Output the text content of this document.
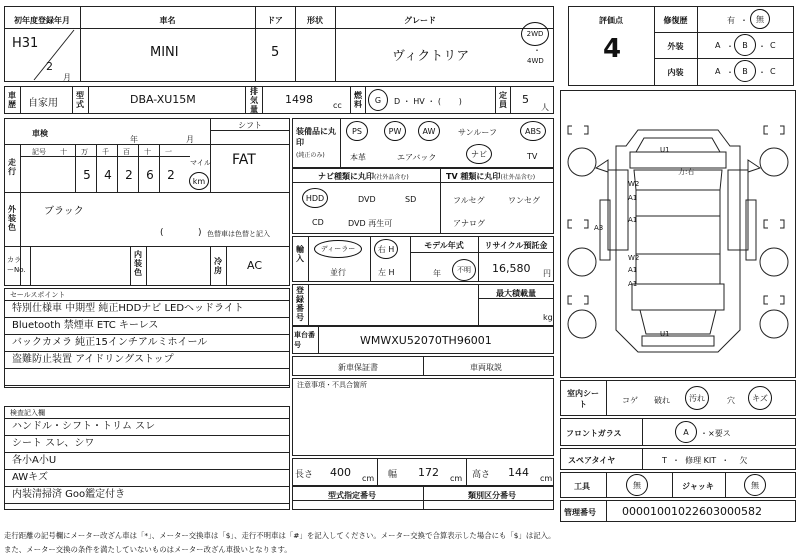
初年度登録年月
H31
2
月
車名
MINI
ドア
5
形状	グレード
ヴィクトリア
2WD
・
4WD
評価点
4
修復歴	有 ・	無
外装	A ・	B	・ C
内装	A ・	B	・ C
車歴 自家用
型式	DBA-XU15M
排気量
1498	cc
燃料	G	D ・ HV ・ ( )
定員 5
人
車検
年	月
シフト
FAT
走行
記号 十 万 千 百 十 一
5 4 2 6 2
マイル
km
外装色
ブラック
(	) 色替車は色替と記入
カラーNo.
内装色
冷房 AC
装備品に丸印
(純正のみ)
PS	PW	AW	サンルーフ	ABS
本革	エアバック	ナビ	TV
ナビ種類に丸印(社外品含む)	TV 種類に丸印(社外品含む)
HDD	DVD	SD
CD	DVD 再生可
フルセグ	ワンセグ
アナログ
輸入
ディーラー
並行
右 H
左 H
モデル年式
年	不明
リサイクル預託金
16,580 円
セールスポイント
特別仕様車 中期型 純正HDDナビ LEDヘッドライト
Bluetooth 禁煙車 ETC キーレス
バックカメラ 純正15インチアルミホイール
盗難防止装置 アイドリングストップ
登録番号
最大積載量
kg
車台番号	WMWXU52070TH96001
新車保証書	車両取説
注意事項・不具合箇所
検査記入欄
ハンドル・シフト・トリム スレ
シート スレ、シワ
各小A小U
AWキズ
内装清掃済 Goo鑑定付き
長さ 400 cm 幅 172 cm 高さ 144 cm
型式指定番号	類別区分番号
U1
W2
A1
A3
A1
W2
A1
A1
U1
力:右
室内シート	コゲ 破れ	汚れ	穴	キズ
フロントガラス	A	・ ×要ス
スペアタイヤ	T ・ 修理 KIT ・ 欠
工具	無	ジャッキ	無
管理番号 0000100102260300058​2
走行距離の記号欄にメーター改ざん車は「*」、メーター交換車は「$」、走行不明車は「#」を記入してください。メーター交換で合算表示した場合にも「$」は記入。
また、メーター交換の条件を満たしていないものはメーター改ざん車扱いとなります。
